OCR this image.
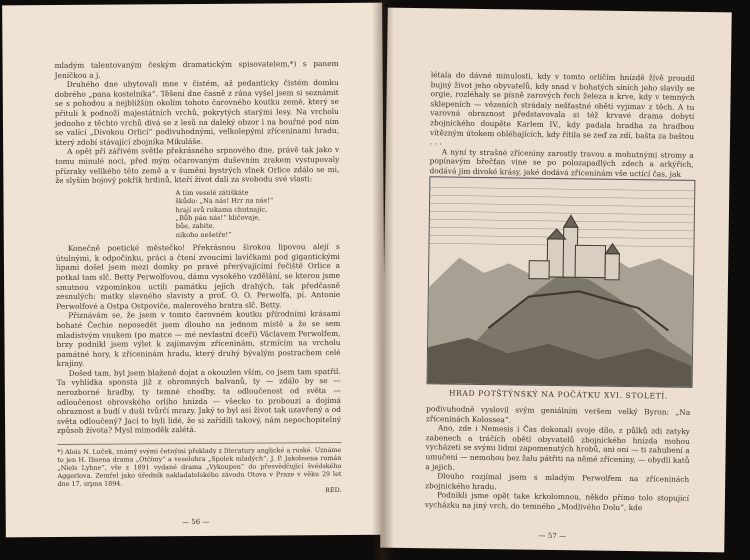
mladým talentovaným českým dramatickým spisovatelem,*) s panem Jeníčkou a j.

Druhého dne ubytovali mne v čistém, až pedanticky čistém domku dobrého „pana kostelníka“. Těšení dne časně z rána vyšel jsem si seznámit se s pohodou a nejbližším okolím tohoto čarovného koutku země, který se přituli k podnoží majestátních vrchů, pokrytých starými lesy. Na vrcholu jednoho z těchto vrchů divá se z lesů na daleký obzor i na bouřné pod ním se valící „Divokou Orlicí“ podivuhodnými, velkolepými zříceninami hradu, který zdobí stávající zbojníka Mikuláše.

A opět při zářivém světle překrásného srpnového dne, právě tak jako v tomu minulé noci, před mým očarovaným duševním zrakem vystupovaly přízraky velikého této země a v šuměni bystrých vlnek Orlice zdálo se mi, že slyším bojový pokřik hrdinů, kteří žívot dali za svobodu své vlasti:

A tím veselé zátiškáte
škůdo: „Na nás! Hrr na nás!“
hrají svů rukama chutnajíc,
„Bůh pán nás!“ kličovaje,
bůe, zabite,
nikoho nešetře!“

Konečně poetické městečko! Překrásnou širokou lipovou alejí s útulnými, k odpočinku, práci a čtení zvoucími lavičkami pod gigantickými lipami došel jsem mezi domky po pravé přerývajícími řečiště Orlice a potkal tam slč. Betty Perwolfovou, dámu vysokého vzdělání, se kterou jsme smutnou vzpomínkou uctili památku jejích drahých, tak předčasně zesnulých: matky slavného slavisty a prof. O. O. Perwolfa, pí. Antonie Perwolfové a Ostpa Ostpoviče, malerového bratra slč. Betty.

Přiznávám se, že jsem v tomto čarovném koutku přírodními krásami bohaté Čechie neposedět jsem dlouho na jednom místě a že se sem mladistvým vnukem (po matce — mé nevlastní dceři) Václavem Perwolfem, brzy podnikl jsem výlet k zajímavým zříceninám, strmícím na vrcholu památné hory, k zříceninám hradu, který druhý bývalým postrachem celé krajiny.

Došed tam, byl jsem blaženě dojat a okouzlen vším, co jsem tam spatřil. Ta vyhlídka sponsta již z ohromných balvanů, ty — zdálo by se — nerozborné hradby, ty temné chodby, ta odloučenost od světa — odloučenost obrovského orlího hnízda — všecko to probouzí a dojímá obraznost a budí v duši tvůrčí mrazy. Jaký to byl asi život tak uzavřený a od světa odloučený? Jací to byli lidé, že si zařídili takový, nám nepochopitelný způsob žívota? Mysl mimoděk zalétá.

*) Alois N. Luček, známý svými četnými překlady z literatury anglické a ruské. Uznáme to jen H. Ibsena drama „Otčímy“ a veselohra „Spolek mladých“, J. P. Jakobsena román „Niels Lyhne“, vše z 1891 vydané drama „Vykoupen“ do přesvědčující švédského Aggerlova. Zemřel jako úředník nakladatelského závodu Otova v Praze v věku 29 let dne 17. srpna 1894.
RED.
— 56 —

létala do dávné minulosti, kdy v tomto orlíčím hnízdě žívě proudil bujný život jeho obyvatelů, kdy snad v bohatých síních jeho slavily se orgie, rozléhaly se písně zarových řech železa a krve, kdy v temných sklepeních — vězeních strádaly nešťastné oběti vyjimav z těch. A tu varovná obraznost představovala si též krvavé drama dobytí zbojnického doupěte Karlem IV., kdy padala hradba za hradbou vítězným útokem obléhajících, kdy řítila se zeď za zdí, bašta za baštou . . .

A nyní ty strašné zříceniny zarostly travou a mohutnými stromy a popínavým břečťan vine se po polozapadlých zdech a arkýřích, dodává jim divoké krásy, jaké dodává zříceninám vše uctící čas, jak

HRAD POTŠTÝNSKÝ NA POČÁTKU XVI. STOLETÍ.

podivuhodně vyslovil svým geniálním veršem velký Byron: „Na zříceninách Kolossea“.

Ano, zde i Nemesis i Čas dokonali svoje dílo, z půlků zdi zatyky zabenech a tráčích obětí obyvatelů zbojnického hnízda mohou vycházeti se svými lidmi zapomenutých hrobů, ani oni — ti zahubení a umučení — nemohou bez žalu pátřiti na němé zříceniny, — obydlí katů a jejich.

Dlouho rozjímal jsem s mladým Perwolfem na zříceninách zbojnického hradu.

Podnikli jsme opět take krkolomnou, někdo přímo tolo stopující vycházku na jiný vrch, do temného „Modlivého Dolu“, kde

— 57 —
